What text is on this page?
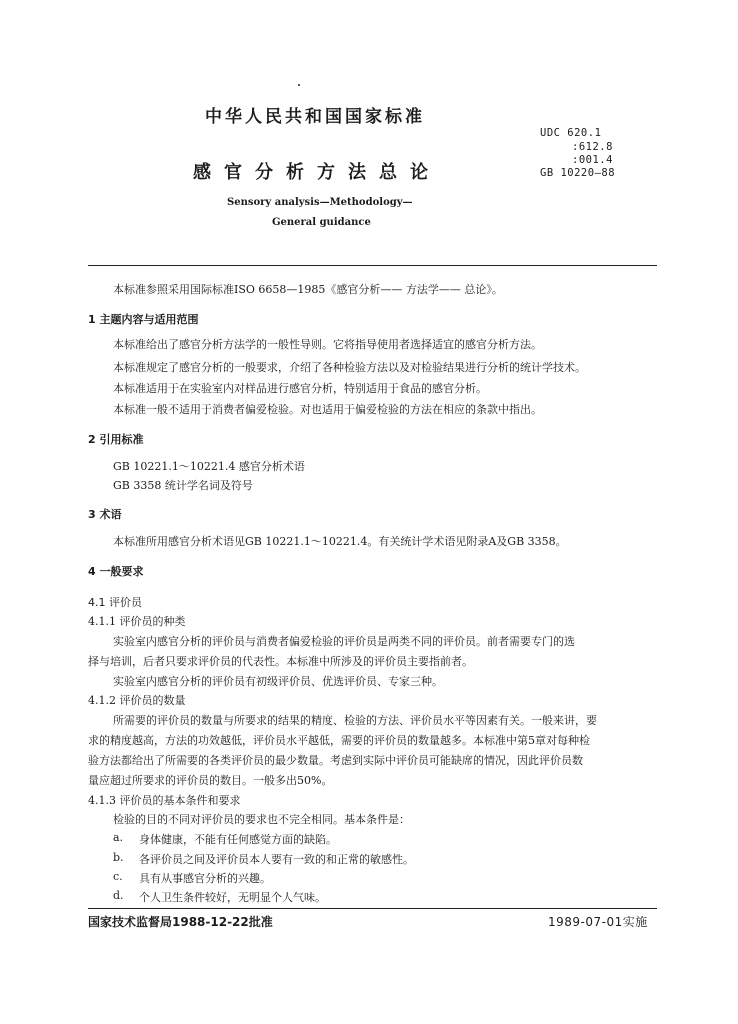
中华人民共和国国家标准
感官分析方法总论
Sensory analysis—Methodology—
General guidance
UDC 620.1
:612.8
:001.4
GB 10220—88
本标准参照采用国际标准ISO 6658—1985《感官分析—— 方法学—— 总论》。
1 主题内容与适用范围
本标准给出了感官分析方法学的一般性导则。它将指导使用者选择适宜的感官分析方法。
本标准规定了感官分析的一般要求，介绍了各种检验方法以及对检验结果进行分析的统计学技术。
本标准适用于在实验室内对样品进行感官分析，特别适用于食品的感官分析。
本标准一般不适用于消费者偏爱检验。对也适用于偏爱检验的方法在相应的条款中指出。
2 引用标准
GB 10221.1～10221.4 感官分析术语
GB 3358 统计学名词及符号
3 术语
本标准所用感官分析术语见GB 10221.1～10221.4。有关统计学术语见附录A及GB 3358。
4 一般要求
4.1 评价员
4.1.1 评价员的种类
实验室内感官分析的评价员与消费者偏爱检验的评价员是两类不同的评价员。前者需要专门的选
择与培训，后者只要求评价员的代表性。本标准中所涉及的评价员主要指前者。
实验室内感官分析的评价员有初级评价员、优选评价员、专家三种。
4.1.2 评价员的数量
所需要的评价员的数量与所要求的结果的精度、检验的方法、评价员水平等因素有关。一般来讲，要
求的精度越高，方法的功效越低，评价员水平越低，需要的评价员的数量越多。本标准中第5章对每种检
验方法都给出了所需要的各类评价员的最少数量。考虑到实际中评价员可能缺席的情况，因此评价员数
量应超过所要求的评价员的数目。一般多出50%。
4.1.3 评价员的基本条件和要求
检验的目的不同对评价员的要求也不完全相同。基本条件是：
a. 身体健康，不能有任何感觉方面的缺陷。
b. 各评价员之间及评价员本人要有一致的和正常的敏感性。
c. 具有从事感官分析的兴趣。
d. 个人卫生条件较好，无明显个人气味。
国家技术监督局1988-12-22批准	1989-07-01实施
